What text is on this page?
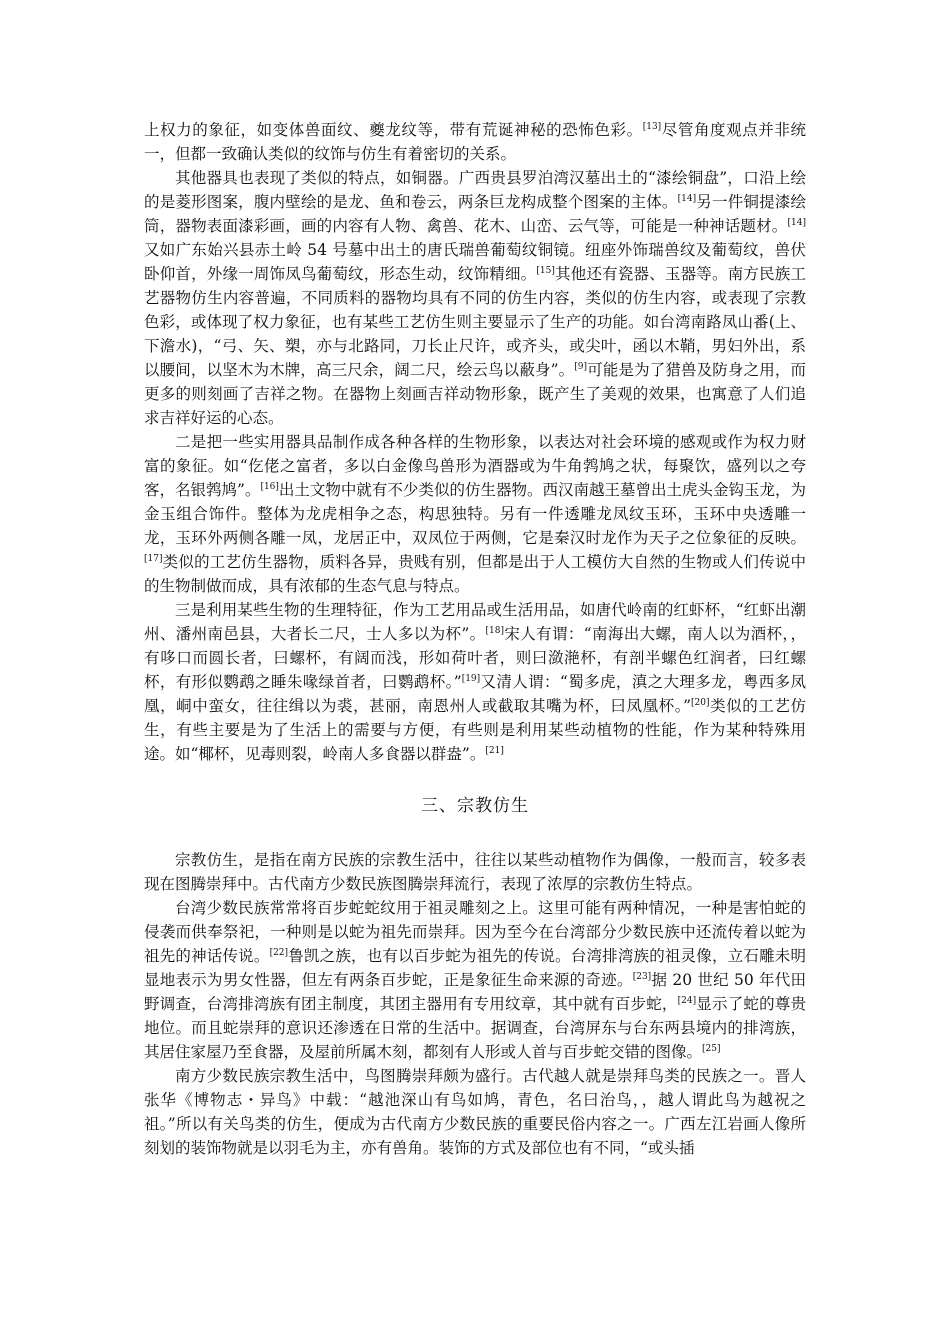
上权力的象征，如变体兽面纹、夔龙纹等，带有荒诞神秘的恐怖色彩。[13]尽管角度观点并非统一，但都一致确认类似的纹饰与仿生有着密切的关系。

其他器具也表现了类似的特点，如铜器。广西贵县罗泊湾汉墓出土的“漆绘铜盘”，口沿上绘的是菱形图案，腹内壁绘的是龙、鱼和卷云，两条巨龙构成整个图案的主体。[14]另一件铜提漆绘筒，器物表面漆彩画，画的内容有人物、禽兽、花木、山峦、云气等，可能是一种神话题材。[14]又如广东始兴县赤土岭 54 号墓中出土的唐氏瑞兽葡萄纹铜镜。纽座外饰瑞兽纹及葡萄纹，兽伏卧仰首，外缘一周饰凤鸟葡萄纹，形态生动，纹饰精细。[15]其他还有瓷器、玉器等。南方民族工艺器物仿生内容普遍，不同质料的器物均具有不同的仿生内容，类似的仿生内容，或表现了宗教色彩，或体现了权力象征，也有某些工艺仿生则主要显示了生产的功能。如台湾南路凤山番(上、下澹水)，“弓、矢、槊，亦与北路同，刀长止尺许，或齐头，或尖叶，函以木鞘，男妇外出，系以腰间，以坚木为木牌，高三尺余，阔二尺，绘云鸟以蔽身”。[9]可能是为了猎兽及防身之用，而更多的则刻画了吉祥之物。在器物上刻画吉祥动物形象，既产生了美观的效果，也寓意了人们追求吉祥好运的心态。

二是把一些实用器具品制作成各种各样的生物形象，以表达对社会环境的感观或作为权力财富的象征。如“仡佬之富者，多以白金像鸟兽形为酒器或为牛角鹁鸠之状，每聚饮，盛列以之夸客，名银鹁鸠”。[16]出土文物中就有不少类似的仿生器物。西汉南越王墓曾出土虎头金钩玉龙，为金玉组合饰件。整体为龙虎相争之态，构思独特。另有一件透雕龙凤纹玉环，玉环中央透雕一龙，玉环外两侧各雕一凤，龙居正中，双凤位于两侧，它是秦汉时龙作为天子之位象征的反映。[17]类似的工艺仿生器物，质料各异，贵贱有别，但都是出于人工模仿大自然的生物或人们传说中的生物制做而成，具有浓郁的生态气息与特点。

三是利用某些生物的生理特征，作为工艺用品或生活用品，如唐代岭南的红虾杯，“红虾出潮州、潘州南邑县，大者长二尺，士人多以为杯”。[18]宋人有谓：“南海出大螺，南人以为酒杯，，有哆口而圆长者，曰螺杯，有阔而浅，形如荷叶者，则曰潋滟杯，有剖半螺色红润者，曰红螺杯，有形似鹦鹉之睡朱喙绿首者，曰鹦鹉杯。”[19]又清人谓：“蜀多虎，滇之大理多龙，粤西多凤凰，峒中蛮女，往往缉以为裘，甚丽，南恩州人或截取其嘴为杯，曰凤凰杯。”[20]类似的工艺仿生，有些主要是为了生活上的需要与方便，有些则是利用某些动植物的性能，作为某种特殊用途。如“椰杯，见毒则裂，岭南人多食器以群盎”。[21]

三、宗教仿生

宗教仿生，是指在南方民族的宗教生活中，往往以某些动植物作为偶像，一般而言，较多表现在图腾崇拜中。古代南方少数民族图腾崇拜流行，表现了浓厚的宗教仿生特点。

台湾少数民族常常将百步蛇蛇纹用于祖灵雕刻之上。这里可能有两种情况，一种是害怕蛇的侵袭而供奉祭祀，一种则是以蛇为祖先而崇拜。因为至今在台湾部分少数民族中还流传着以蛇为祖先的神话传说。[22]鲁凯之族，也有以百步蛇为祖先的传说。台湾排湾族的祖灵像，立石雕未明显地表示为男女性器，但左有两条百步蛇，正是象征生命来源的奇迹。[23]据 20 世纪 50 年代田野调查，台湾排湾族有团主制度，其团主器用有专用纹章，其中就有百步蛇，[24]显示了蛇的尊贵地位。而且蛇崇拜的意识还渗透在日常的生活中。据调查，台湾屏东与台东两县境内的排湾族，其居住家屋乃至食器，及屋前所属木刻，都刻有人形或人首与百步蛇交错的图像。[25]

南方少数民族宗教生活中，鸟图腾崇拜颇为盛行。古代越人就是崇拜鸟类的民族之一。晋人张华《博物志・异鸟》中载：“越池深山有鸟如鸠，青色，名曰治鸟，，越人谓此鸟为越祝之祖。”所以有关鸟类的仿生，便成为古代南方少数民族的重要民俗内容之一。广西左江岩画人像所刻划的装饰物就是以羽毛为主，亦有兽角。装饰的方式及部位也有不同，“或头插
